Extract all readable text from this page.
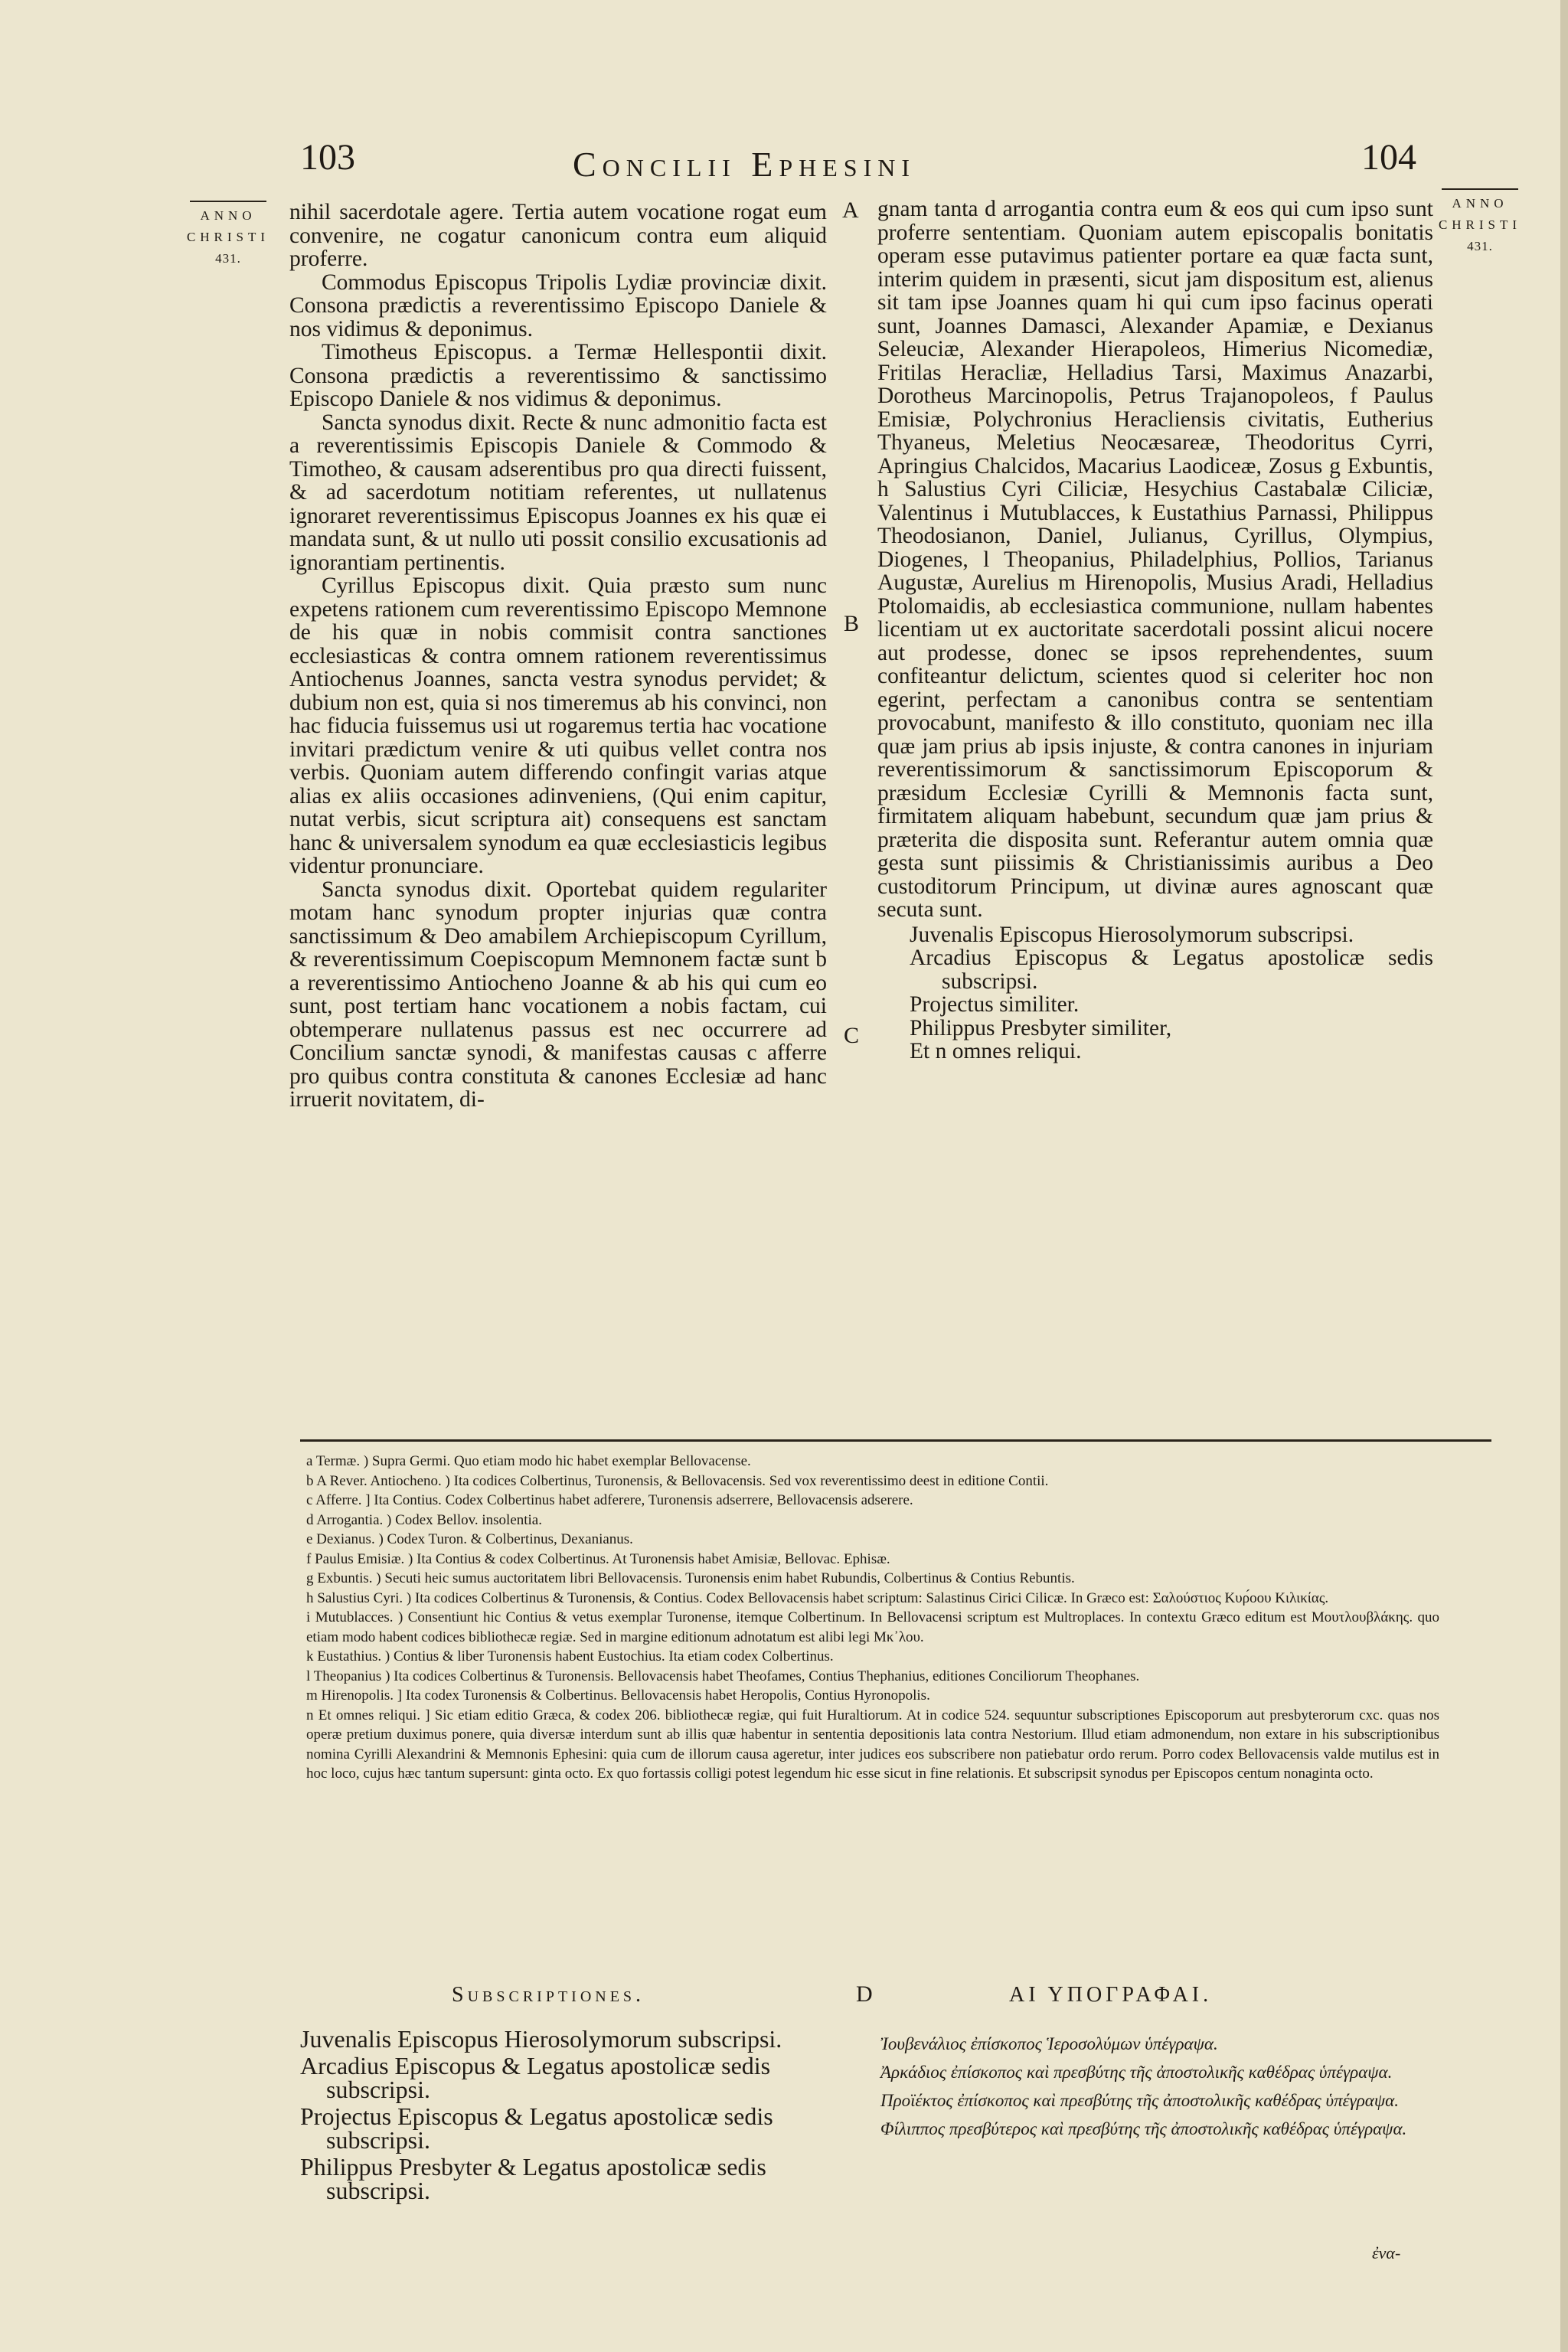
103	Concilii Ephesini	104
ANNO
CHRISTI
431.
ANNO
CHRISTI
431.

nihil sacerdotale agere. Tertia autem vocatione rogat eum convenire, ne cogatur canonicum contra eum aliquid proferre.

Commodus Episcopus Tripolis Lydiæ provinciæ dixit. Consona prædictis a reverentissimo Episcopo Daniele & nos vidimus & deponimus.

Timotheus Episcopus. a Termæ Hellespontii dixit. Consona prædictis a reverentissimo & sanctissimo Episcopo Daniele & nos vidimus & deponimus.

Sancta synodus dixit. Recte & nunc admonitio facta est a reverentissimis Episcopis Daniele & Commodo & Timotheo, & causam adserentibus pro qua directi fuissent, & ad sacerdotum notitiam referentes, ut nullatenus ignoraret reverentissimus Episcopus Joannes ex his quæ ei mandata sunt, & ut nullo uti possit consilio excusationis ad ignorantiam pertinentis.

Cyrillus Episcopus dixit. Quia præsto sum nunc expetens rationem cum reverentissimo Episcopo Memnone de his quæ in nobis commisit contra sanctiones ecclesiasticas & contra omnem rationem reverentissimus Antiochenus Joannes, sancta vestra synodus pervidet; & dubium non est, quia si nos timeremus ab his convinci, non hac fiducia fuissemus usi ut rogaremus tertia hac vocatione invitari prædictum venire & uti quibus vellet contra nos verbis. Quoniam autem differendo confingit varias atque alias ex aliis occasiones adinveniens, (Qui enim capitur, nutat verbis, sicut scriptura ait) consequens est sanctam hanc & universalem synodum ea quæ ecclesiasticis legibus videntur pronunciare.

Sancta synodus dixit. Oportebat quidem regulariter motam hanc synodum propter injurias quæ contra sanctissimum & Deo amabilem Archiepiscopum Cyrillum, & reverentissimum Coepiscopum Memnonem factæ sunt b a reverentissimo Antiocheno Joanne & ab his qui cum eo sunt, post tertiam hanc vocationem a nobis factam, cui obtemperare nullatenus passus est nec occurrere ad Concilium sanctæ synodi, & manifestas causas c afferre pro quibus contra constituta & canones Ecclesiæ ad hanc irruerit novitatem, di-

A
B
C
D

gnam tanta d arrogantia contra eum & eos qui cum ipso sunt proferre sententiam. Quoniam autem episcopalis bonitatis operam esse putavimus patienter portare ea quæ facta sunt, interim quidem in præsenti, sicut jam dispositum est, alienus sit tam ipse Joannes quam hi qui cum ipso facinus operati sunt, Joannes Damasci, Alexander Apamiæ, e Dexianus Seleuciæ, Alexander Hierapoleos, Himerius Nicomediæ, Fritilas Heracliæ, Helladius Tarsi, Maximus Anazarbi, Dorotheus Marcinopolis, Petrus Trajanopoleos, f Paulus Emisiæ, Polychronius Heracliensis civitatis, Eutherius Thyaneus, Meletius Neocæsareæ, Theodoritus Cyrri, Apringius Chalcidos, Macarius Laodiceæ, Zosus g Exbuntis, h Salustius Cyri Ciliciæ, Hesychius Castabalæ Ciliciæ, Valentinus i Mutublacces, k Eustathius Parnassi, Philippus Theodosianon, Daniel, Julianus, Cyrillus, Olympius, Diogenes, l Theopanius, Philadelphius, Pollios, Tarianus Augustæ, Aurelius m Hirenopolis, Musius Aradi, Helladius Ptolomaidis, ab ecclesiastica communione, nullam habentes licentiam ut ex auctoritate sacerdotali possint alicui nocere aut prodesse, donec se ipsos reprehendentes, suum confiteantur delictum, scientes quod si celeriter hoc non egerint, perfectam a canonibus contra se sententiam provocabunt, manifesto & illo constituto, quoniam nec illa quæ jam prius ab ipsis injuste, & contra canones in injuriam reverentissimorum & sanctissimorum Episcoporum & præsidum Ecclesiæ Cyrilli & Memnonis facta sunt, firmitatem aliquam habebunt, secundum quæ jam prius & præterita die disposita sunt. Referantur autem omnia quæ gesta sunt piissimis & Christianissimis auribus a Deo custoditorum Principum, ut divinæ aures agnoscant quæ secuta sunt.

Juvenalis Episcopus Hierosolymorum subscripsi.
Arcadius Episcopus & Legatus apostolicæ sedis subscripsi.
Projectus similiter.
Philippus Presbyter similiter,
Et n omnes reliqui.

a Termæ. ) Supra Germi. Quo etiam modo hic habet exemplar Bellovacense.

b A Rever. Antiocheno. ) Ita codices Colbertinus, Turonensis, & Bellovacensis. Sed vox reverentissimo deest in editione Contii.

c Afferre. ] Ita Contius. Codex Colbertinus habet adferere, Turonensis adserrere, Bellovacensis adserere.

d Arrogantia. ) Codex Bellov. insolentia.

e Dexianus. ) Codex Turon. & Colbertinus, Dexanianus.

f Paulus Emisiæ. ) Ita Contius & codex Colbertinus. At Turonensis habet Amisiæ, Bellovac. Ephisæ.

g Exbuntis. ) Secuti heic sumus auctoritatem libri Bellovacensis. Turonensis enim habet Rubundis, Colbertinus & Contius Rebuntis.

h Salustius Cyri. ) Ita codices Colbertinus & Turonensis, & Contius. Codex Bellovacensis habet scriptum: Salastinus Cirici Cilicæ. In Græco est: Σαλούστιος Κυρ́οου Κιλικίας.

i Mutublacces. ) Consentiunt hic Contius & vetus exemplar Turonense, itemque Colbertinum. In Bellovacensi scriptum est Multroplaces. In contextu Græco editum est Μουτλουβλάκης. quo etiam modo habent codices bibliothecæ regiæ. Sed in margine editionum adnotatum est alibi legi Μκ᾽λου.

k Eustathius. ) Contius & liber Turonensis habent Eustochius. Ita etiam codex Colbertinus.

l Theopanius ) Ita codices Colbertinus & Turonensis. Bellovacensis habet Theofames, Contius Thephanius, editiones Conciliorum Theophanes.

m Hirenopolis. ] Ita codex Turonensis & Colbertinus. Bellovacensis habet Heropolis, Contius Hyronopolis.

n Et omnes reliqui. ] Sic etiam editio Græca, & codex 206. bibliothecæ regiæ, qui fuit Huraltiorum. At in codice 524. sequuntur subscriptiones Episcoporum aut presbyterorum cxc. quas nos operæ pretium duximus ponere, quia diversæ interdum sunt ab illis quæ habentur in sententia depositionis lata contra Nestorium. Illud etiam admonendum, non extare in his subscriptionibus nomina Cyrilli Alexandrini & Memnonis Ephesini: quia cum de illorum causa ageretur, inter judices eos subscribere non patiebatur ordo rerum. Porro codex Bellovacensis valde mutilus est in hoc loco, cujus hæc tantum supersunt: ginta octo. Ex quo fortassis colligi potest legendum hic esse sicut in fine relationis. Et subscripsit synodus per Episcopos centum nonaginta octo.

Subscriptiones.

Juvenalis Episcopus Hierosolymorum subscripsi.

Arcadius Episcopus & Legatus apostolicæ sedis subscripsi.

Projectus Episcopus & Legatus apostolicæ sedis subscripsi.

Philippus Presbyter & Legatus apostolicæ sedis subscripsi.

ΑΙ ΥΠΟΓΡΑΦΑΙ.

Ἰουβενάλιος ἐπίσκοπος Ἱεροσολύμων ὑπέγραψα.

Ἀρκάδιος ἐπίσκοπος καὶ πρεσβύτης τῆς ἀποστολικῆς καθέδρας ὑπέγραψα.

Προϊέκτος ἐπίσκοπος καὶ πρεσβύτης τῆς ἀποστολικῆς καθέδρας ὑπέγραψα.

Φίλιππος πρεσβύτερος καὶ πρεσβύτης τῆς ἀποστολικῆς καθέδρας ὑπέγραψα.

ἐνα-
